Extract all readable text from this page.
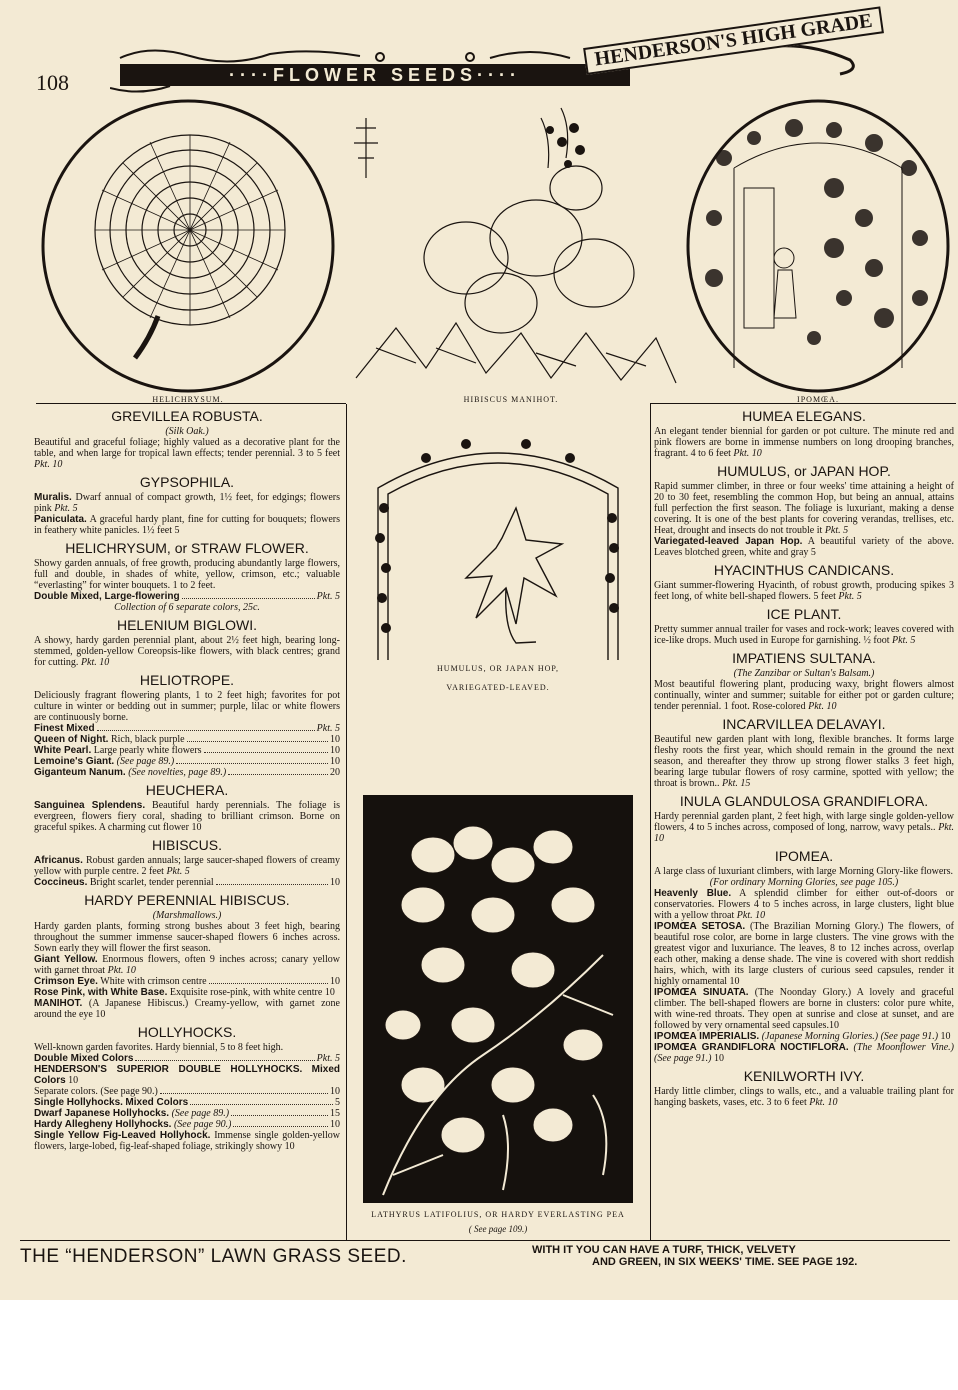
108	····FLOWER SEEDS····
HENDERSON'S HIGH GRADE
HELICHRYSUM.	HIBISCUS MANIHOT.	IPOMŒA.
HUMULUS, OR JAPAN HOP,
VARIEGATED-LEAVED.
LATHYRUS LATIFOLIUS, OR HARDY EVERLASTING PEA
( See page 109.)
GREVILLEA ROBUSTA.

(Silk Oak.)

Beautiful and graceful foliage; highly valued as a decorative plant for the table, and when large for tropical lawn effects; tender perennial. 3 to 5 feet Pkt. 10

GYPSOPHILA.

Muralis. Dwarf annual of compact growth, 1½ feet, for edgings; flowers pink Pkt. 5

Paniculata. A graceful hardy plant, fine for cutting for bouquets; flowers in feathery white panicles. 1½ feet 5

HELICHRYSUM, or STRAW FLOWER.

Showy garden annuals, of free growth, producing abundantly large flowers, full and double, in shades of white, yellow, crimson, etc.; valuable “everlasting” for winter bouquets. 1 to 2 feet.

Double Mixed, Large-flowering	Pkt. 5

Collection of 6 separate colors, 25c.

HELENIUM BIGLOWI.

A showy, hardy garden perennial plant, about 2½ feet high, bearing long-stemmed, golden-yellow Coreopsis-like flowers, with black centres; grand for cutting. Pkt. 10

HELIOTROPE.

Deliciously fragrant flowering plants, 1 to 2 feet high; favorites for pot culture in winter or bedding out in summer; purple, lilac or white flowers are continuously borne.

Finest Mixed	Pkt. 5
Queen of Night. Rich, black purple	10
White Pearl. Large pearly white flowers	10
Lemoine's Giant. (See page 89.)	10
Giganteum Nanum. (See novelties, page 89.)	20
HEUCHERA.

Sanguinea Splendens. Beautiful hardy perennials. The foliage is evergreen, flowers fiery coral, shading to brilliant crimson. Borne on graceful spikes. A charming cut flower 10

HIBISCUS.

Africanus. Robust garden annuals; large saucer-shaped flowers of creamy yellow with purple centre. 2 feet Pkt. 5

Coccineus. Bright scarlet, tender perennial	10
HARDY PERENNIAL HIBISCUS.

(Marshmallows.)

Hardy garden plants, forming strong bushes about 3 feet high, bearing throughout the summer immense saucer-shaped flowers 6 inches across. Sown early they will flower the first season.

Giant Yellow. Enormous flowers, often 9 inches across; canary yellow with garnet throat Pkt. 10

Crimson Eye. White with crimson centre	10

Rose Pink, with White Base. Exquisite rose-pink, with white centre 10

MANIHOT. (A Japanese Hibiscus.) Creamy-yellow, with garnet zone around the eye 10

HOLLYHOCKS.

Well-known garden favorites. Hardy biennial, 5 to 8 feet high.

Double Mixed Colors	Pkt. 5

HENDERSON'S SUPERIOR DOUBLE HOLLYHOCKS. Mixed Colors 10

Separate colors. (See page 90.)	10
Single Hollyhocks. Mixed Colors	5
Dwarf Japanese Hollyhocks. (See page 89.)	15
Hardy Allegheny Hollyhocks. (See page 90.)	10

Single Yellow Fig-Leaved Hollyhock. Immense single golden-yellow flowers, large-lobed, fig-leaf-shaped foliage, strikingly showy 10

HUMEA ELEGANS.

An elegant tender biennial for garden or pot culture. The minute red and pink flowers are borne in immense numbers on long drooping branches, fragrant. 4 to 6 feet Pkt. 10

HUMULUS, or JAPAN HOP.

Rapid summer climber, in three or four weeks' time attaining a height of 20 to 30 feet, resembling the common Hop, but being an annual, attains full perfection the first season. The foliage is luxuriant, making a dense covering. It is one of the best plants for covering verandas, trellises, etc. Heat, drought and insects do not trouble it Pkt. 5

Variegated-leaved Japan Hop. A beautiful variety of the above. Leaves blotched green, white and gray 5

HYACINTHUS CANDICANS.

Giant summer-flowering Hyacinth, of robust growth, producing spikes 3 feet long, of white bell-shaped flowers. 5 feet Pkt. 5

ICE PLANT.

Pretty summer annual trailer for vases and rock-work; leaves covered with ice-like drops. Much used in Europe for garnishing. ½ foot Pkt. 5

IMPATIENS SULTANA.

(The Zanzibar or Sultan's Balsam.)

Most beautiful flowering plant, producing waxy, bright flowers almost continually, winter and summer; suitable for either pot or garden culture; tender perennial. 1 foot. Rose-colored Pkt. 10

INCARVILLEA DELAVAYI.

Beautiful new garden plant with long, flexible branches. It forms large fleshy roots the first year, which should remain in the ground the next season, and thereafter they throw up strong flower stalks 3 feet high, bearing large tubular flowers of rosy carmine, spotted with yellow; the throat is brown.. Pkt. 15

INULA GLANDULOSA GRANDIFLORA.

Hardy perennial garden plant, 2 feet high, with large single golden-yellow flowers, 4 to 5 inches across, composed of long, narrow, wavy petals.. Pkt. 10

IPOMEA.

A large class of luxuriant climbers, with large Morning Glory-like flowers.

(For ordinary Morning Glories, see page 105.)

Heavenly Blue. A splendid climber for either out-of-doors or conservatories. Flowers 4 to 5 inches across, in large clusters, light blue with a yellow throat Pkt. 10

IPOMŒA SETOSA. (The Brazilian Morning Glory.) The flowers, of beautiful rose color, are borne in large clusters. The vine grows with the greatest vigor and luxuriance. The leaves, 8 to 12 inches across, overlap each other, making a dense shade. The vine is covered with short reddish hairs, which, with its large clusters of curious seed capsules, render it highly ornamental 10

IPOMŒA SINUATA. (The Noonday Glory.) A lovely and graceful climber. The bell-shaped flowers are borne in clusters: color pure white, with wine-red throats. They open at sunrise and close at sunset, and are followed by very ornamental seed capsules.10

IPOMŒA IMPERIALIS. (Japanese Morning Glories.) (See page 91.) 10

IPOMŒA GRANDIFLORA NOCTIFLORA. (The Moonflower Vine.) (See page 91.) 10

KENILWORTH IVY.

Hardy little climber, clings to walls, etc., and a valuable trailing plant for hanging baskets, vases, etc. 3 to 6 feet Pkt. 10

THE “HENDERSON” LAWN GRASS SEED.	WITH IT YOU CAN HAVE A TURF, THICK, VELVETY
AND GREEN, IN SIX WEEKS' TIME. SEE PAGE 192.
